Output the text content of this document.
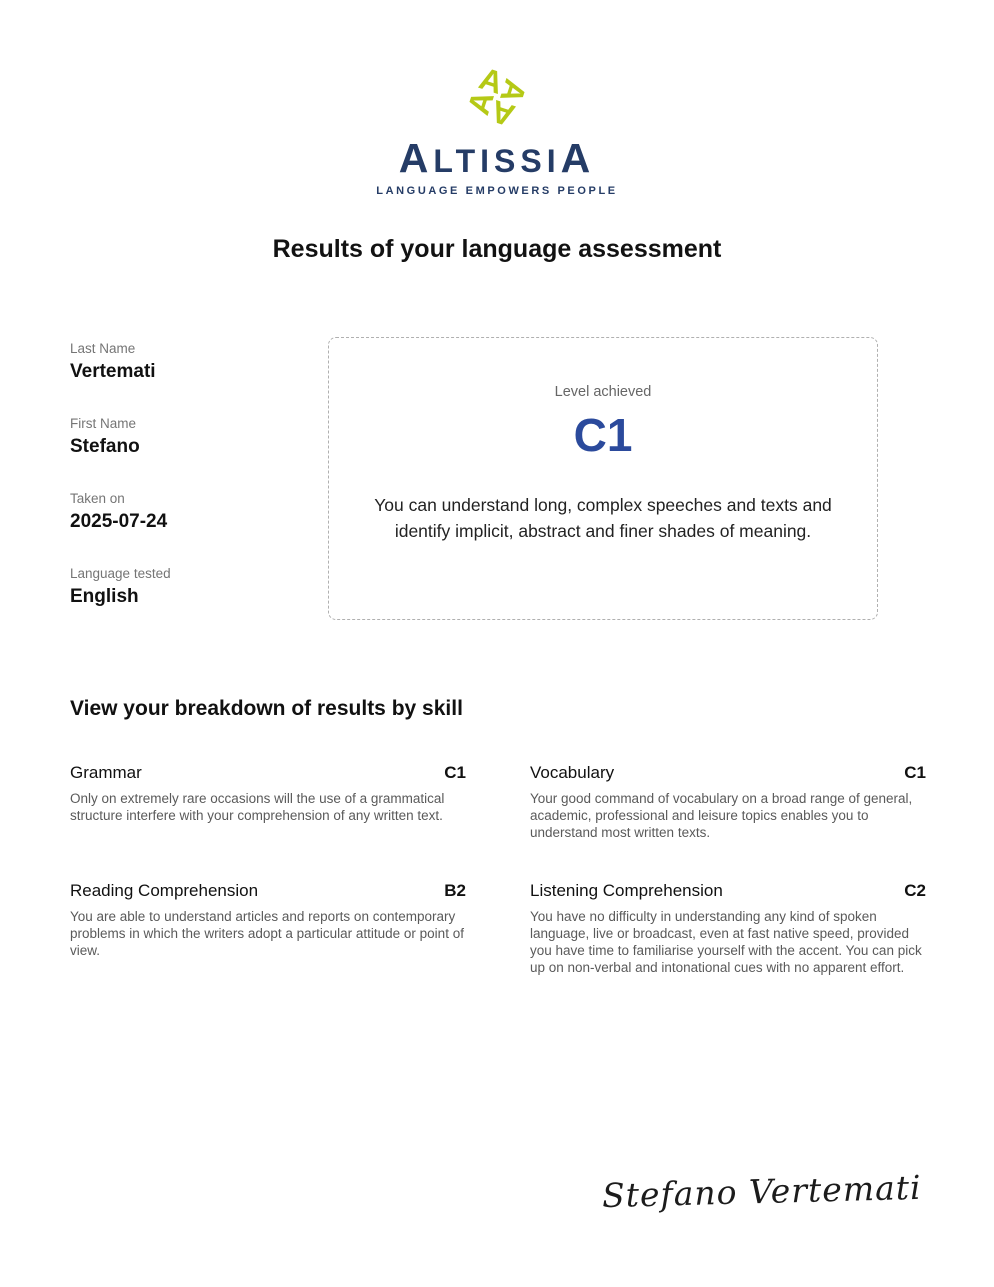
A
A
A
A
ALTISSIA
LANGUAGE EMPOWERS PEOPLE
Results of your language assessment
Last Name
Vertemati
First Name
Stefano
Taken on
2025-07-24
Language tested
English
Level achieved
C1

You can understand long, complex speeches and texts and identify implicit, abstract and finer shades of meaning.

View your breakdown of results by skill
Grammar	C1

Only on extremely rare occasions will the use of a grammatical structure interfere with your comprehension of any written text.

Vocabulary	C1

Your good command of vocabulary on a broad range of general, academic, professional and leisure topics enables you to understand most written texts.

Reading Comprehension	B2

You are able to understand articles and reports on contemporary problems in which the writers adopt a particular attitude or point of view.

Listening Comprehension	C2

You have no difficulty in understanding any kind of spoken language, live or broadcast, even at fast native speed, provided you have time to familiarise yourself with the accent. You can pick up on non-verbal and intonational cues with no apparent effort.

Stefano Vertemati
